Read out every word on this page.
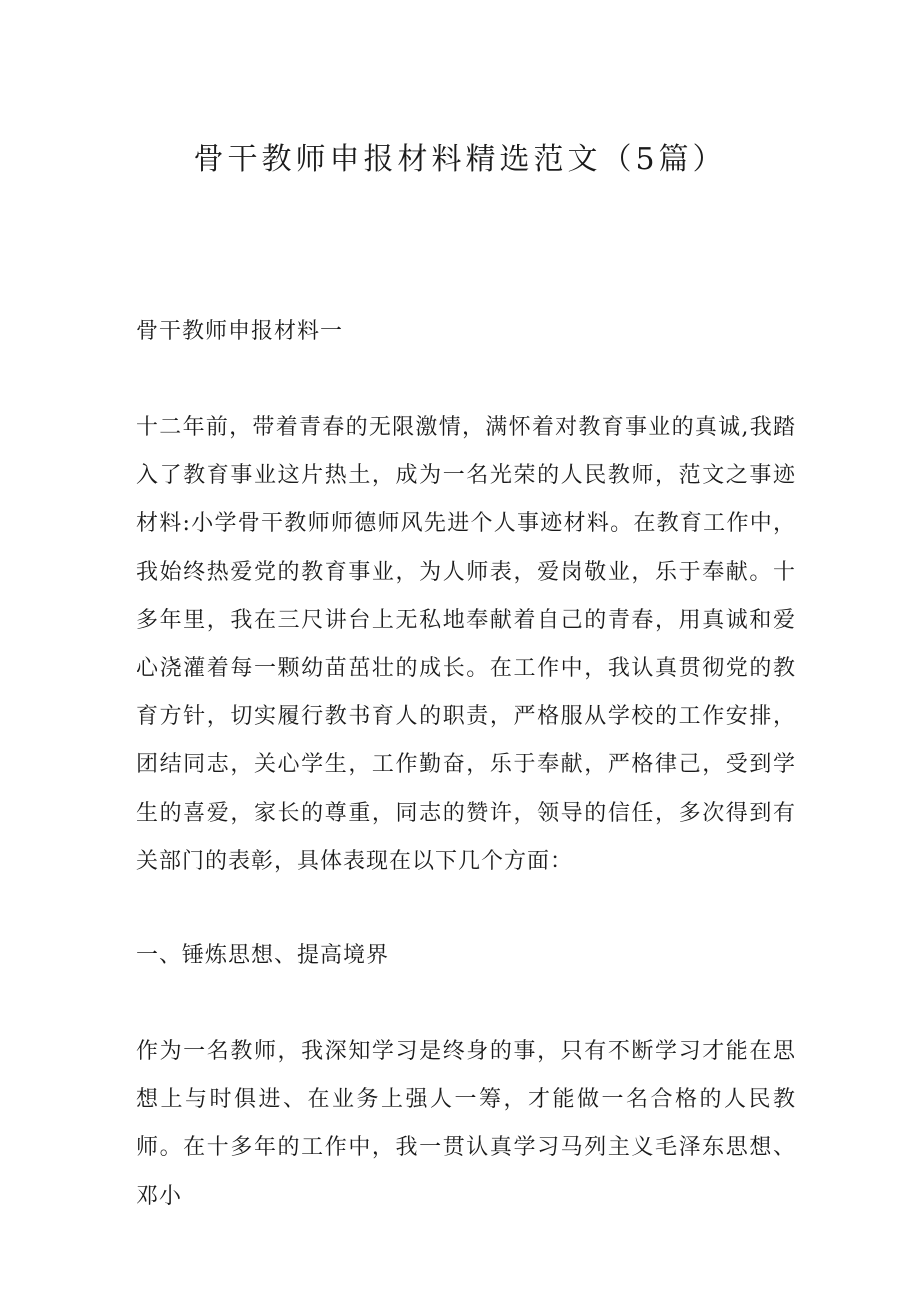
骨干教师申报材料精选范文（5篇）
骨干教师申报材料一

十二年前，带着青春的无限激情，满怀着对教育事业的真诚,我踏入了教育事业这片热土，成为一名光荣的人民教师，范文之事迹材料:小学骨干教师师德师风先进个人事迹材料。在教育工作中，我始终热爱党的教育事业，为人师表，爱岗敬业，乐于奉献。十多年里，我在三尺讲台上无私地奉献着自己的青春，用真诚和爱心浇灌着每一颗幼苗茁壮的成长。在工作中，我认真贯彻党的教育方针，切实履行教书育人的职责，严格服从学校的工作安排，团结同志，关心学生，工作勤奋，乐于奉献，严格律己，受到学生的喜爱，家长的尊重，同志的赞许，领导的信任，多次得到有关部门的表彰，具体表现在以下几个方面：

一、锤炼思想、提高境界

作为一名教师，我深知学习是终身的事，只有不断学习才能在思想上与时俱进、在业务上强人一筹，才能做一名合格的人民教师。在十多年的工作中，我一贯认真学习马列主义毛泽东思想、邓小
